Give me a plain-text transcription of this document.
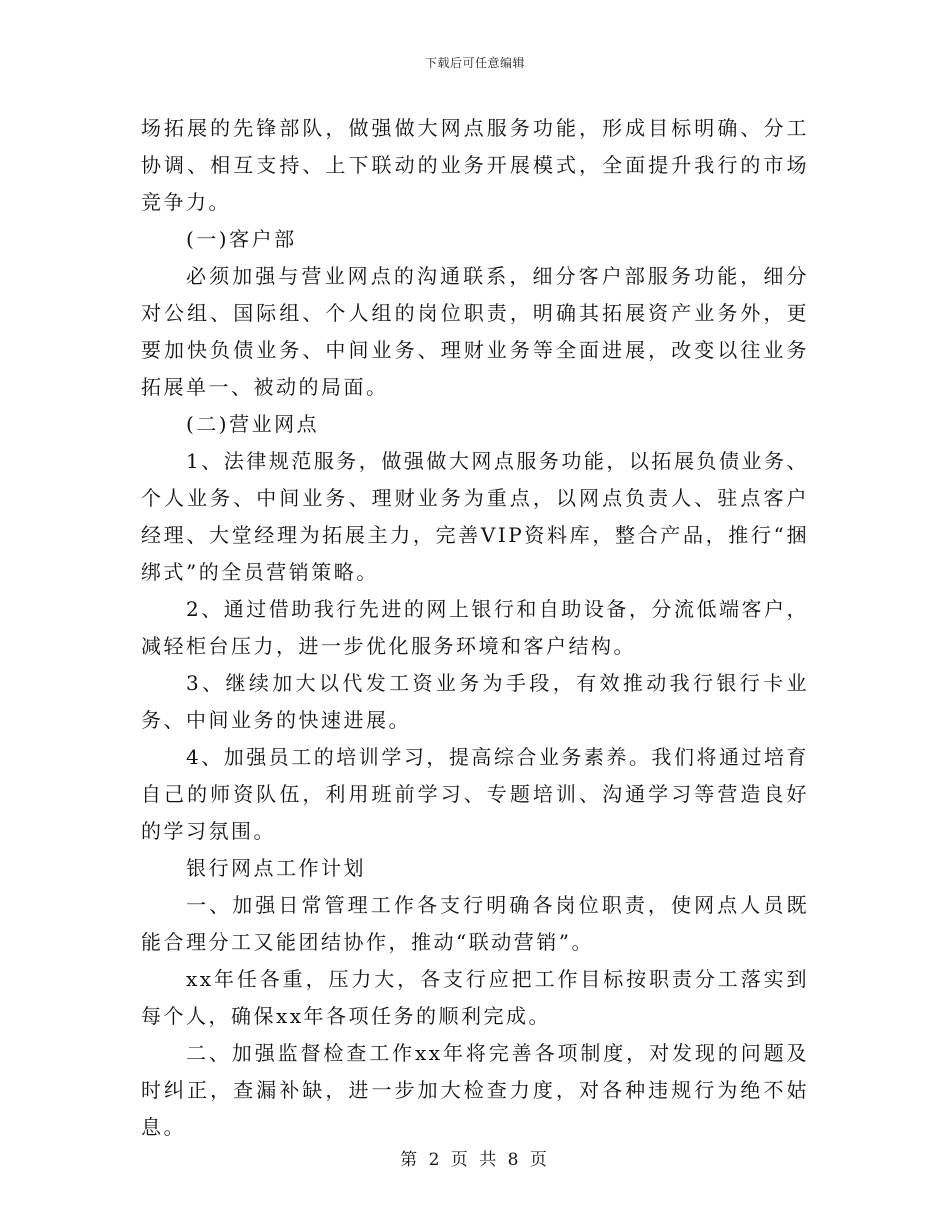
下载后可任意编辑

场拓展的先锋部队，做强做大网点服务功能，形成目标明确、分工协调、相互支持、上下联动的业务开展模式，全面提升我行的市场竞争力。

(一)客户部

必须加强与营业网点的沟通联系，细分客户部服务功能，细分对公组、国际组、个人组的岗位职责，明确其拓展资产业务外，更要加快负债业务、中间业务、理财业务等全面进展，改变以往业务拓展单一、被动的局面。

(二)营业网点

1、法律规范服务，做强做大网点服务功能，以拓展负债业务、个人业务、中间业务、理财业务为重点，以网点负责人、驻点客户经理、大堂经理为拓展主力，完善VIP资料库，整合产品，推行“捆绑式”的全员营销策略。

2、通过借助我行先进的网上银行和自助设备，分流低端客户，减轻柜台压力，进一步优化服务环境和客户结构。

3、继续加大以代发工资业务为手段，有效推动我行银行卡业务、中间业务的快速进展。

4、加强员工的培训学习，提高综合业务素养。我们将通过培育自己的师资队伍，利用班前学习、专题培训、沟通学习等营造良好的学习氛围。

银行网点工作计划

一、加强日常管理工作各支行明确各岗位职责，使网点人员既能合理分工又能团结协作，推动“联动营销”。

xx年任各重，压力大，各支行应把工作目标按职责分工落实到每个人，确保xx年各项任务的顺利完成。

二、加强监督检查工作xx年将完善各项制度，对发现的问题及时纠正，查漏补缺，进一步加大检查力度，对各种违规行为绝不姑息。

第 2 页 共 8 页
